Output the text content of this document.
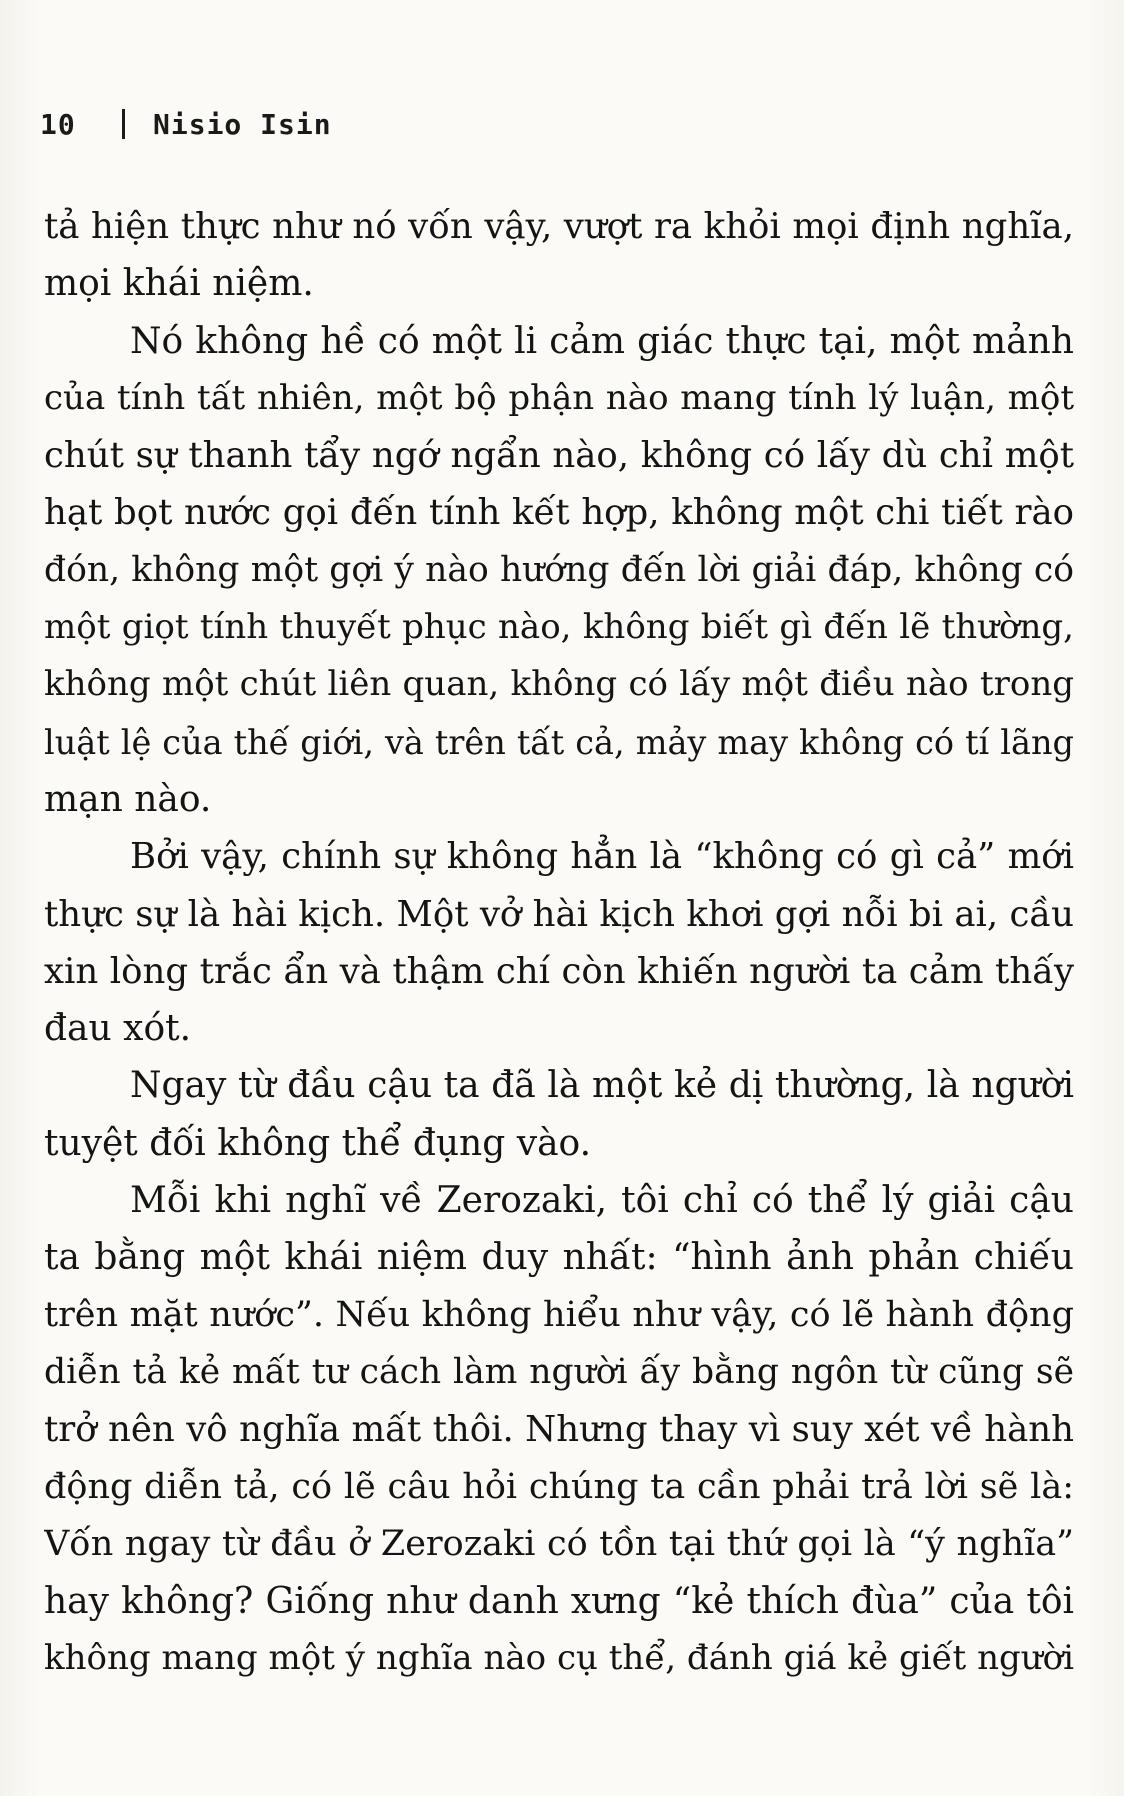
10	Nisio Isin
tả hiện thực như nó vốn vậy, vượt ra khỏi mọi định nghĩa,
mọi khái niệm.
Nó không hề có một li cảm giác thực tại, một mảnh
của tính tất nhiên, một bộ phận nào mang tính lý luận, một
chút sự thanh tẩy ngớ ngẩn nào, không có lấy dù chỉ một
hạt bọt nước gọi đến tính kết hợp, không một chi tiết rào
đón, không một gợi ý nào hướng đến lời giải đáp, không có
một giọt tính thuyết phục nào, không biết gì đến lẽ thường,
không một chút liên quan, không có lấy một điều nào trong
luật lệ của thế giới, và trên tất cả, mảy may không có tí lãng
mạn nào.
Bởi vậy, chính sự không hẳn là “không có gì cả” mới
thực sự là hài kịch. Một vở hài kịch khơi gợi nỗi bi ai, cầu
xin lòng trắc ẩn và thậm chí còn khiến người ta cảm thấy
đau xót.
Ngay từ đầu cậu ta đã là một kẻ dị thường, là người
tuyệt đối không thể đụng vào.
Mỗi khi nghĩ về Zerozaki, tôi chỉ có thể lý giải cậu
ta bằng một khái niệm duy nhất: “hình ảnh phản chiếu
trên mặt nước”. Nếu không hiểu như vậy, có lẽ hành động
diễn tả kẻ mất tư cách làm người ấy bằng ngôn từ cũng sẽ
trở nên vô nghĩa mất thôi. Nhưng thay vì suy xét về hành
động diễn tả, có lẽ câu hỏi chúng ta cần phải trả lời sẽ là:
Vốn ngay từ đầu ở Zerozaki có tồn tại thứ gọi là “ý nghĩa”
hay không? Giống như danh xưng “kẻ thích đùa” của tôi
không mang một ý nghĩa nào cụ thể, đánh giá kẻ giết người
